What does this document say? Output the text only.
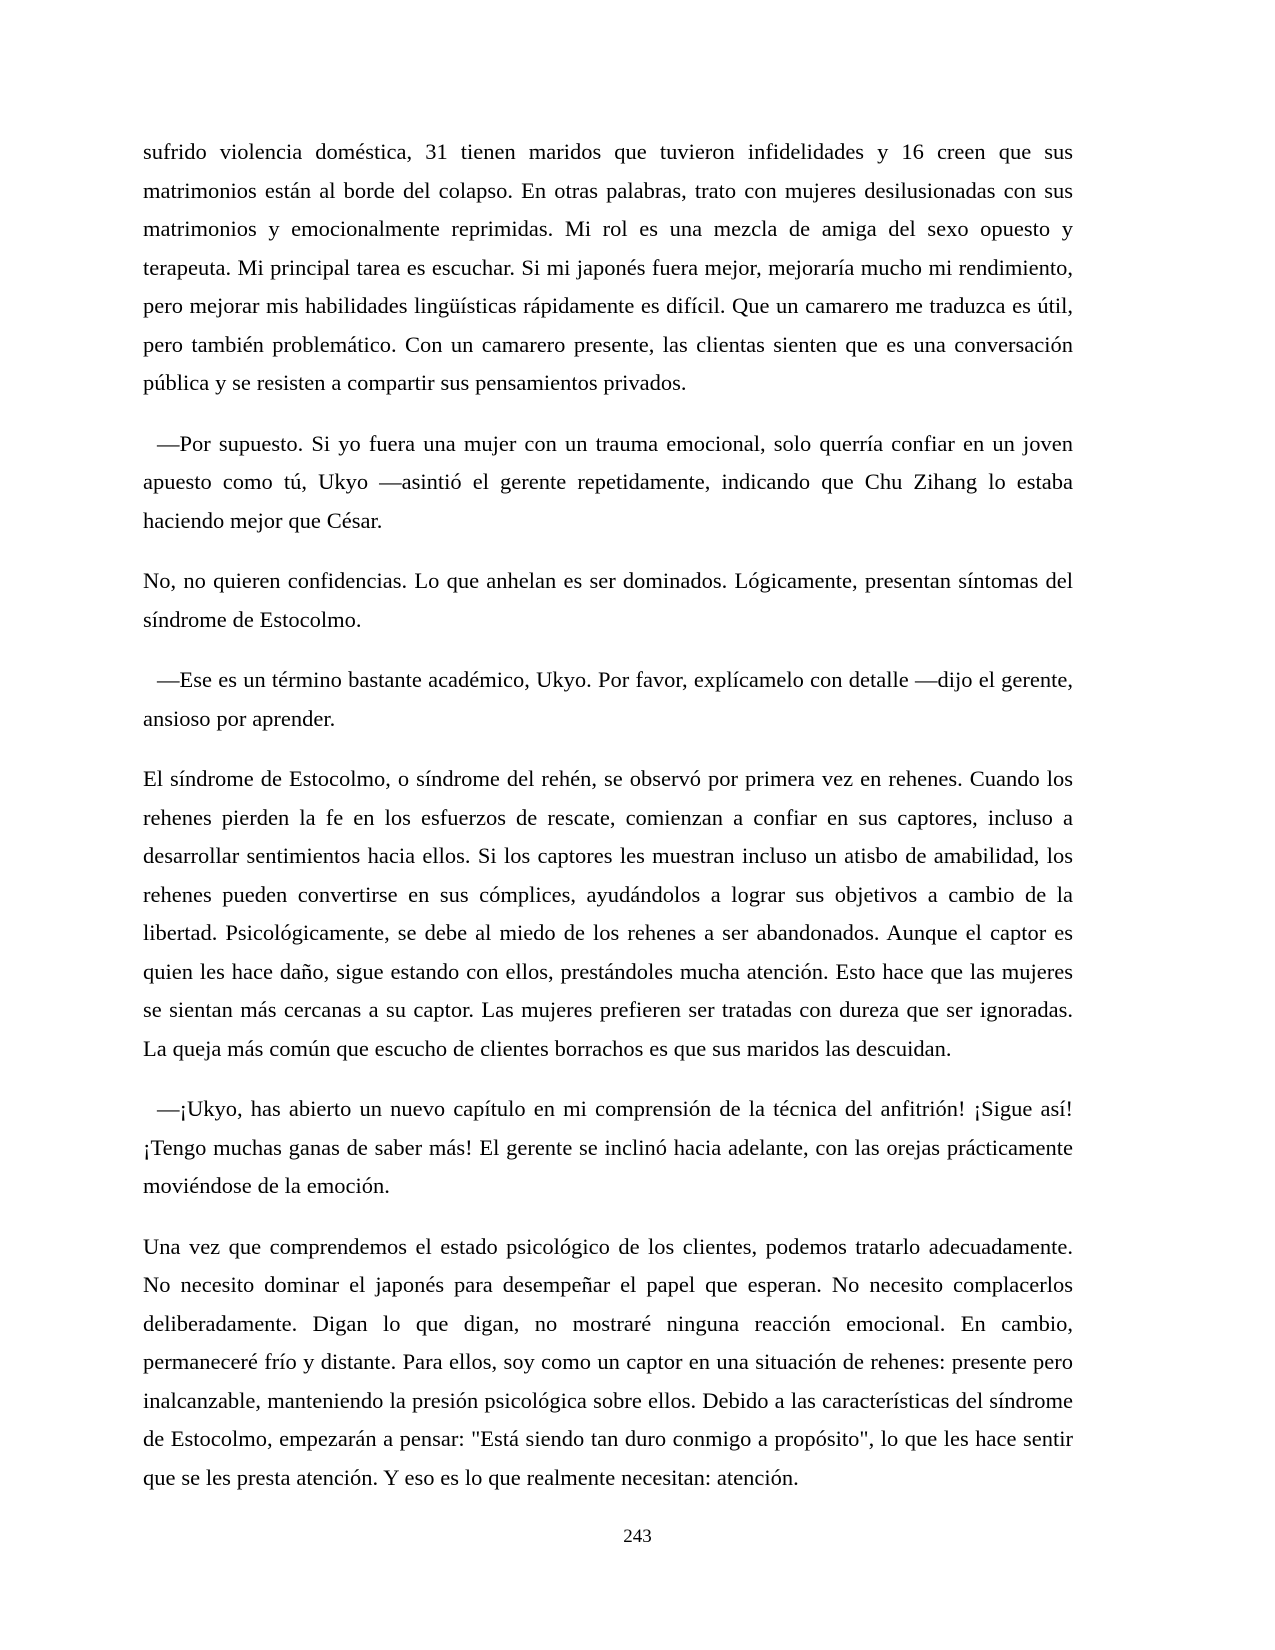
sufrido violencia doméstica, 31 tienen maridos que tuvieron infidelidades y 16 creen que sus matrimonios están al borde del colapso. En otras palabras, trato con mujeres desilusionadas con sus matrimonios y emocionalmente reprimidas. Mi rol es una mezcla de amiga del sexo opuesto y terapeuta. Mi principal tarea es escuchar. Si mi japonés fuera mejor, mejoraría mucho mi rendimiento, pero mejorar mis habilidades lingüísticas rápidamente es difícil. Que un camarero me traduzca es útil, pero también problemático. Con un camarero presente, las clientas sienten que es una conversación pública y se resisten a compartir sus pensamientos privados.

—Por supuesto. Si yo fuera una mujer con un trauma emocional, solo querría confiar en un joven apuesto como tú, Ukyo —asintió el gerente repetidamente, indicando que Chu Zihang lo estaba haciendo mejor que César.

No, no quieren confidencias. Lo que anhelan es ser dominados. Lógicamente, presentan síntomas del síndrome de Estocolmo.

—Ese es un término bastante académico, Ukyo. Por favor, explícamelo con detalle —dijo el gerente, ansioso por aprender.

El síndrome de Estocolmo, o síndrome del rehén, se observó por primera vez en rehenes. Cuando los rehenes pierden la fe en los esfuerzos de rescate, comienzan a confiar en sus captores, incluso a desarrollar sentimientos hacia ellos. Si los captores les muestran incluso un atisbo de amabilidad, los rehenes pueden convertirse en sus cómplices, ayudándolos a lograr sus objetivos a cambio de la libertad. Psicológicamente, se debe al miedo de los rehenes a ser abandonados. Aunque el captor es quien les hace daño, sigue estando con ellos, prestándoles mucha atención. Esto hace que las mujeres se sientan más cercanas a su captor. Las mujeres prefieren ser tratadas con dureza que ser ignoradas. La queja más común que escucho de clientes borrachos es que sus maridos las descuidan.

—¡Ukyo, has abierto un nuevo capítulo en mi comprensión de la técnica del anfitrión! ¡Sigue así! ¡Tengo muchas ganas de saber más! El gerente se inclinó hacia adelante, con las orejas prácticamente moviéndose de la emoción.

Una vez que comprendemos el estado psicológico de los clientes, podemos tratarlo adecuadamente. No necesito dominar el japonés para desempeñar el papel que esperan. No necesito complacerlos deliberadamente. Digan lo que digan, no mostraré ninguna reacción emocional. En cambio, permaneceré frío y distante. Para ellos, soy como un captor en una situación de rehenes: presente pero inalcanzable, manteniendo la presión psicológica sobre ellos. Debido a las características del síndrome de Estocolmo, empezarán a pensar: "Está siendo tan duro conmigo a propósito", lo que les hace sentir que se les presta atención. Y eso es lo que realmente necesitan: atención.

243
